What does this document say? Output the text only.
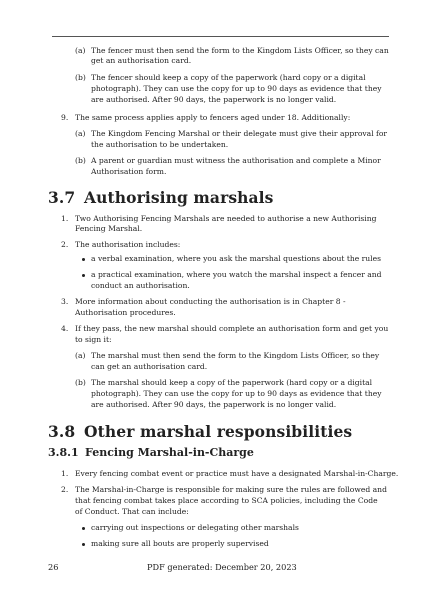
(a) The fencer must then send the form to the Kingdom Lists Officer, so they can
get an authorisation card.
(b) The fencer should keep a copy of the paperwork (hard copy or a digital
photograph). They can use the copy for up to 90 days as evidence that they
are authorised. After 90 days, the paperwork is no longer valid.
9. The same process applies apply to fencers aged under 18. Additionally:
(a) The Kingdom Fencing Marshal or their delegate must give their approval for
the authorisation to be undertaken.
(b) A parent or guardian must witness the authorisation and complete a Minor
Authorisation form.
3.7 Authorising marshals
1. Two Authorising Fencing Marshals are needed to authorise a new Authorising
Fencing Marshal.
2. The authorisation includes:
a verbal examination, where you ask the marshal questions about the rules
a practical examination, where you watch the marshal inspect a fencer and
conduct an authorisation.
3. More information about conducting the authorisation is in Chapter 8 -
Authorisation procedures.
4. If they pass, the new marshal should complete an authorisation form and get you
to sign it:
(a) The marshal must then send the form to the Kingdom Lists Officer, so they
can get an authorisation card.
(b) The marshal should keep a copy of the paperwork (hard copy or a digital
photograph). They can use the copy for up to 90 days as evidence that they
are authorised. After 90 days, the paperwork is no longer valid.
3.8 Other marshal responsibilities
3.8.1 Fencing Marshal-in-Charge
1. Every fencing combat event or practice must have a designated Marshal-in-Charge.
2. The Marshal-in-Charge is responsible for making sure the rules are followed and
that fencing combat takes place according to SCA policies, including the Code
of Conduct. That can include:
carrying out inspections or delegating other marshals
making sure all bouts are properly supervised
26	PDF generated: December 20, 2023
